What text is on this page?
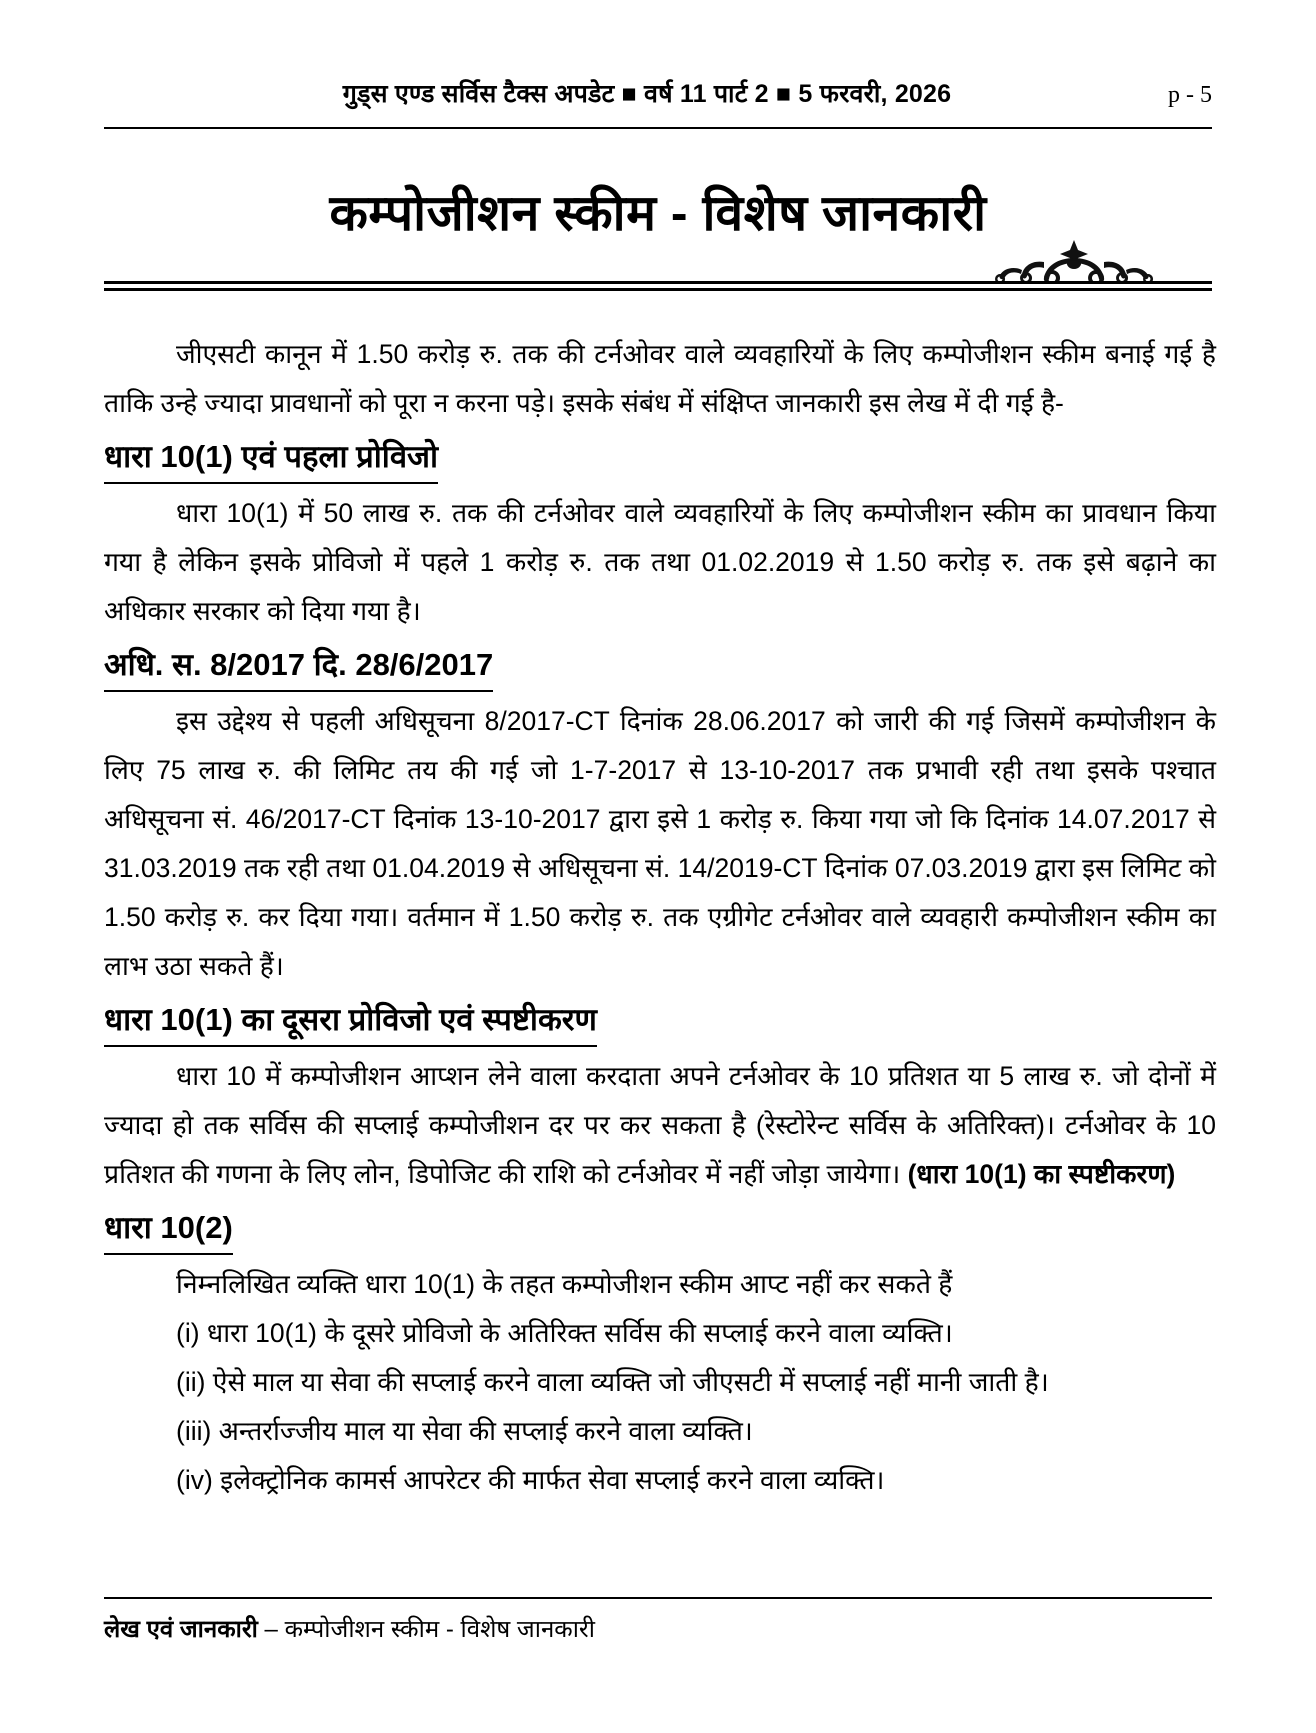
गुड्स एण्ड सर्विस टैक्स अपडेट ■ वर्ष 11 पार्ट 2 ■ 5 फरवरी, 2026	p - 5
कम्पोजीशन स्कीम - विशेष जानकारी

जीएसटी कानून में 1.50 करोड़ रु. तक की टर्नओवर वाले व्यवहारियों के लिए कम्पोजीशन स्कीम बनाई गई है ताकि उन्हे ज्यादा प्रावधानों को पूरा न करना पड़े। इसके संबंध में संक्षिप्त जानकारी इस लेख में दी गई है-

धारा 10(1) एवं पहला प्रोविजो

धारा 10(1) में 50 लाख रु. तक की टर्नओवर वाले व्यवहारियों के लिए कम्पोजीशन स्कीम का प्रावधान किया गया है लेकिन इसके प्रोविजो में पहले 1 करोड़ रु. तक तथा 01.02.2019 से 1.50 करोड़ रु. तक इसे बढ़ाने का अधिकार सरकार को दिया गया है।

अधि. स. 8/2017 दि. 28/6/2017

इस उद्देश्य से पहली अधिसूचना 8/2017-CT दिनांक 28.06.2017 को जारी की गई जिसमें कम्पोजीशन के लिए 75 लाख रु. की लिमिट तय की गई जो 1-7-2017 से 13-10-2017 तक प्रभावी रही तथा इसके पश्चात अधिसूचना सं. 46/2017-CT दिनांक 13-10-2017 द्वारा इसे 1 करोड़ रु. किया गया जो कि दिनांक 14.07.2017 से 31.03.2019 तक रही तथा 01.04.2019 से अधिसूचना सं. 14/2019-CT दिनांक 07.03.2019 द्वारा इस लिमिट को 1.50 करोड़ रु. कर दिया गया। वर्तमान में 1.50 करोड़ रु. तक एग्रीगेट टर्नओवर वाले व्यवहारी कम्पोजीशन स्कीम का लाभ उठा सकते हैं।

धारा 10(1) का दूसरा प्रोविजो एवं स्पष्टीकरण

धारा 10 में कम्पोजीशन आप्शन लेने वाला करदाता अपने टर्नओवर के 10 प्रतिशत या 5 लाख रु. जो दोनों में ज्यादा हो तक सर्विस की सप्लाई कम्पोजीशन दर पर कर सकता है (रेस्टोरेन्ट सर्विस के अतिरिक्त)। टर्नओवर के 10 प्रतिशत की गणना के लिए लोन, डिपोजिट की राशि को टर्नओवर में नहीं जोड़ा जायेगा। (धारा 10(1) का स्पष्टीकरण)

धारा 10(2)

निम्नलिखित व्यक्ति धारा 10(1) के तहत कम्पोजीशन स्कीम आप्ट नहीं कर सकते हैं

(i) धारा 10(1) के दूसरे प्रोविजो के अतिरिक्त सर्विस की सप्लाई करने वाला व्यक्ति।
(ii) ऐसे माल या सेवा की सप्लाई करने वाला व्यक्ति जो जीएसटी में सप्लाई नहीं मानी जाती है।
(iii) अन्तर्राज्जीय माल या सेवा की सप्लाई करने वाला व्यक्ति।
(iv) इलेक्ट्रोनिक कामर्स आपरेटर की मार्फत सेवा सप्लाई करने वाला व्यक्ति।
लेख एवं जानकारी – कम्पोजीशन स्कीम - विशेष जानकारी
